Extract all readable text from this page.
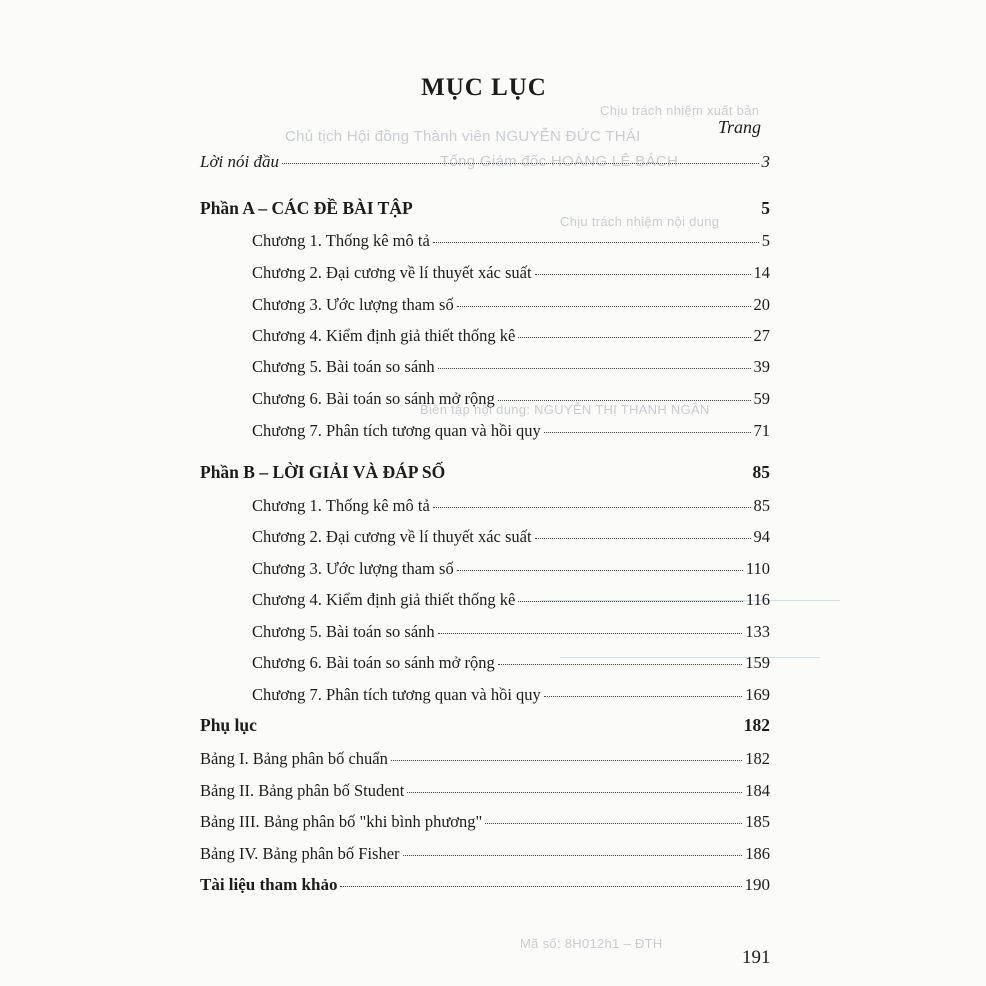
Chịu trách nhiệm xuất bản
Chủ tịch Hội đồng Thành viên NGUYỄN ĐỨC THÁI
Tổng Giám đốc HOÀNG LÊ BÁCH
Chịu trách nhiệm nội dung
Biên tập nội dung: NGUYỄN THỊ THANH NGÂN
Mã số: 8H012h1 – ĐTH
MỤC LỤC
Trang
Lời nói đầu	3
Phần A – CÁC ĐỀ BÀI TẬP	5
Chương 1. Thống kê mô tả	5
Chương 2. Đại cương về lí thuyết xác suất	14
Chương 3. Ước lượng tham số	20
Chương 4. Kiểm định giả thiết thống kê	27
Chương 5. Bài toán so sánh	39
Chương 6. Bài toán so sánh mở rộng	59
Chương 7. Phân tích tương quan và hồi quy	71
Phần B – LỜI GIẢI VÀ ĐÁP SỐ	85
Chương 1. Thống kê mô tả	85
Chương 2. Đại cương về lí thuyết xác suất	94
Chương 3. Ước lượng tham số	110
Chương 4. Kiểm định giả thiết thống kê	116
Chương 5. Bài toán so sánh	133
Chương 6. Bài toán so sánh mở rộng	159
Chương 7. Phân tích tương quan và hồi quy	169
Phụ lục	182
Bảng I. Bảng phân bố chuẩn	182
Bảng II. Bảng phân bố Student	184
Bảng III. Bảng phân bố "khi bình phương"	185
Bảng IV. Bảng phân bố Fisher	186
Tài liệu tham khảo	190
191
